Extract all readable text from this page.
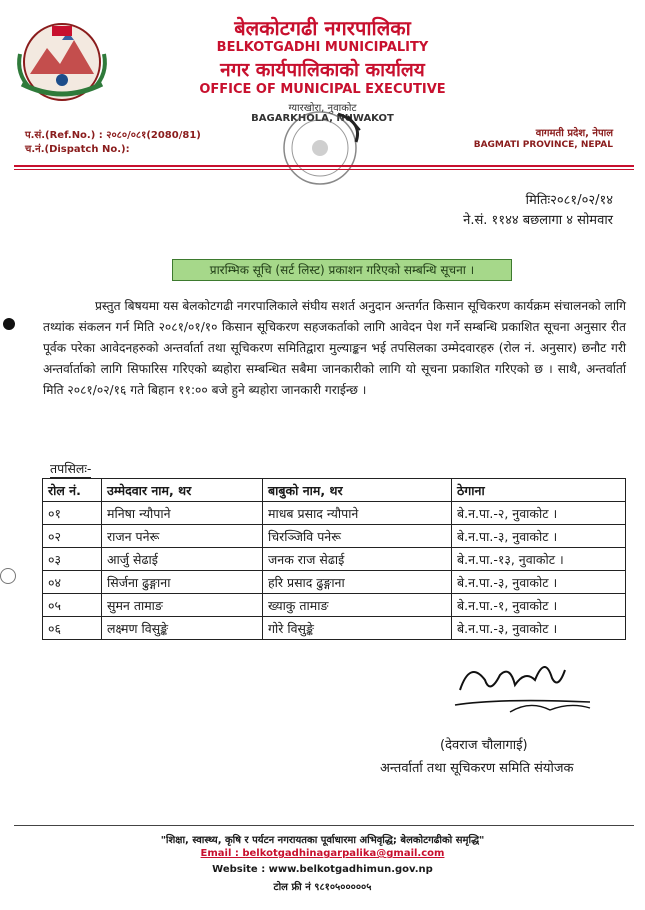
बेलकोटगढी नगरपालिका
BELKOTGADHI MUNICIPALITY
नगर कार्यपालिकाको कार्यालय
OFFICE OF MUNICIPAL EXECUTIVE
ग्यारखोरा, नुवाकोट
BAGARKHOLA, NUWAKOT
प.सं.(Ref.No.) : २०८०/०८१(2080/81)
च.नं.(Dispatch No.):
वागमती प्रदेश, नेपाल
BAGMATI PROVINCE, NEPAL
मितिः२०८१/०२/१४
ने.सं. ११४४ बछलागा ४ सोमवार
प्रारम्भिक सूचि (सर्ट लिस्ट) प्रकाशन गरिएको सम्बन्धि सूचना ।

प्रस्तुत बिषयमा यस बेलकोटगढी नगरपालिकाले संघीय सशर्त अनुदान अन्तर्गत किसान सूचिकरण कार्यक्रम संचालनको लागि तथ्यांक संकलन गर्न मिति २०८१/०१/१० किसान सूचिकरण सहजकर्ताको लागि आवेदन पेश गर्ने सम्बन्धि प्रकाशित सूचना अनुसार रीत पूर्वक परेका आवेदनहरुको अन्तर्वार्ता तथा सूचिकरण समितिद्वारा मुल्याङ्कन भई तपसिलका उम्मेदवारहरु (रोल नं. अनुसार) छनौट गरी अन्तर्वार्ताको लागि सिफारिस गरिएको ब्यहोरा सम्बन्धित सबैमा जानकारीको लागि यो सूचना प्रकाशित गरिएको छ । साथै, अन्तर्वार्ता मिति २०८१/०२/१६ गते बिहान ११:०० बजे हुने ब्यहोरा जानकारी गराईन्छ ।

तपसिलः-
रोल नं.	उम्मेदवार नाम, थर	बाबुको नाम, थर	ठेगाना
०१	मनिषा न्यौपाने	माधब प्रसाद न्यौपाने	बे.न.पा.-२, नुवाकोट ।
०२	राजन पनेरू	चिरञ्जिवि पनेरू	बे.न.पा.-३, नुवाकोट ।
०३	आर्जु सेढाई	जनक राज सेढाई	बे.न.पा.-१३, नुवाकोट ।
०४	सिर्जना ढुङ्गाना	हरि प्रसाद ढुङ्गाना	बे.न.पा.-३, नुवाकोट ।
०५	सुमन तामाङ	ख्याकु तामाङ	बे.न.पा.-१, नुवाकोट ।
०६	लक्ष्मण विसुङ्के	गोरे विसुङ्के	बे.न.पा.-३, नुवाकोट ।
(देवराज चौलागाई)
अन्तर्वार्ता तथा सूचिकरण समिति संयोजक
"शिक्षा, स्वास्थ्य, कृषि र पर्यटन नगरायतका पूर्वाधारमा अभिवृद्धि; बेलकोटगढीको समृद्धि"
Email : belkotgadhinagarpalika@gmail.com
Website : www.belkotgadhimun.gov.np
टोल फ्री नं ९८१०५०००००५
